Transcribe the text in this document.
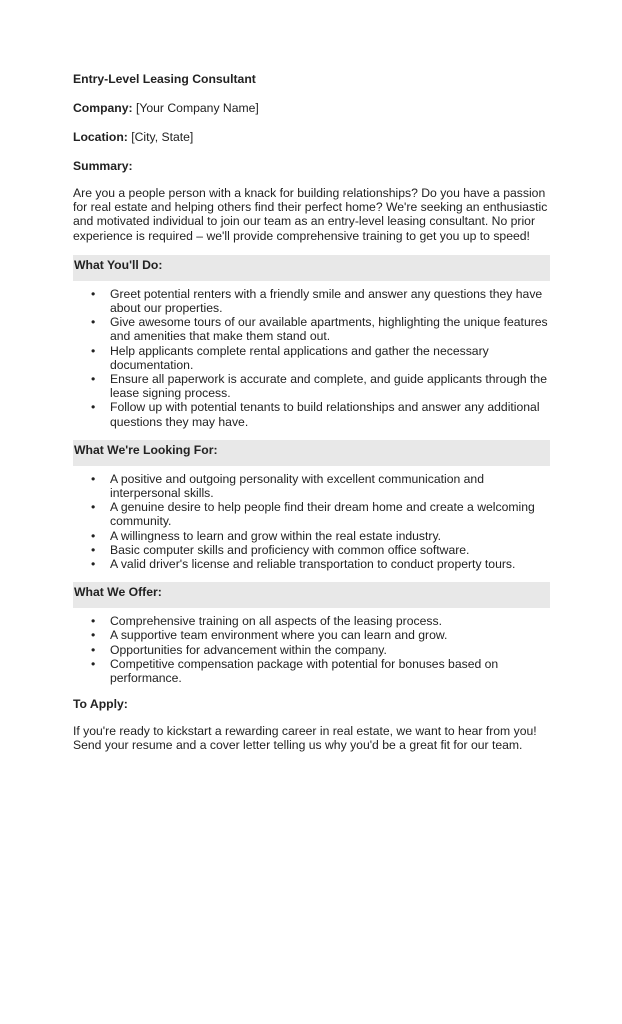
Entry-Level Leasing Consultant
Company: [Your Company Name]
Location: [City, State]
Summary:

Are you a people person with a knack for building relationships? Do you have a passion for real estate and helping others find their perfect home? We're seeking an enthusiastic and motivated individual to join our team as an entry-level leasing consultant. No prior experience is required – we'll provide comprehensive training to get you up to speed!

What You'll Do:
• Greet potential renters with a friendly smile and answer any questions they have about our properties.
• Give awesome tours of our available apartments, highlighting the unique features and amenities that make them stand out.
• Help applicants complete rental applications and gather the necessary documentation.
• Ensure all paperwork is accurate and complete, and guide applicants through the lease signing process.
• Follow up with potential tenants to build relationships and answer any additional questions they may have.
What We're Looking For:
• A positive and outgoing personality with excellent communication and interpersonal skills.
• A genuine desire to help people find their dream home and create a welcoming community.
• A willingness to learn and grow within the real estate industry.
• Basic computer skills and proficiency with common office software.
• A valid driver's license and reliable transportation to conduct property tours.
What We Offer:
• Comprehensive training on all aspects of the leasing process.
• A supportive team environment where you can learn and grow.
• Opportunities for advancement within the company.
• Competitive compensation package with potential for bonuses based on performance.
To Apply:

If you're ready to kickstart a rewarding career in real estate, we want to hear from you! Send your resume and a cover letter telling us why you'd be a great fit for our team.
